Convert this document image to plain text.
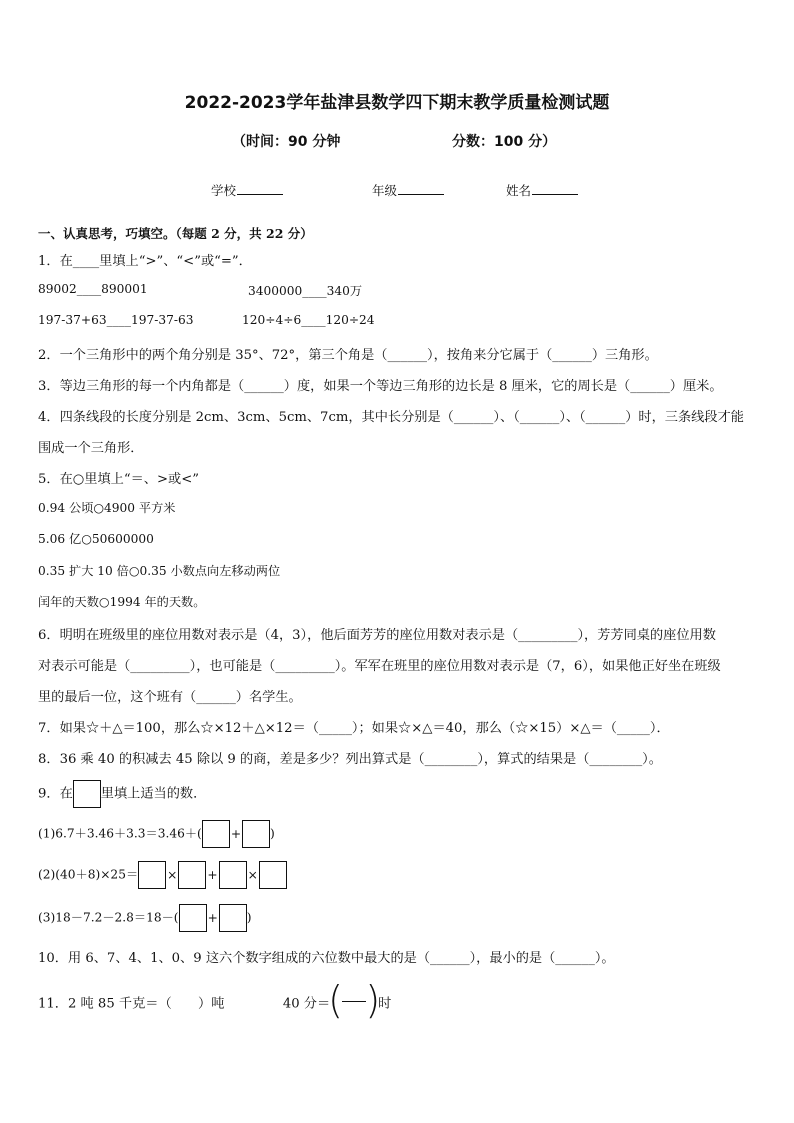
2022-2023学年盐津县数学四下期末教学质量检测试题
（时间：90 分钟	分数：100 分）
学校	年级	姓名
一、认真思考，巧填空。（每题 2 分，共 22 分）
1．在____里填上“>”、“<”或“=”．
89002____890001	3400000____340万
197-37+63____197-37-63	120÷4÷6____120÷24
2．一个三角形中的两个角分别是 35°、72°，第三个角是（______），按角来分它属于（______）三角形。
3．等边三角形的每一个内角都是（______）度，如果一个等边三角形的边长是 8 厘米，它的周长是（______）厘米。
4．四条线段的长度分别是 2cm、3cm、5cm、7cm，其中长分别是（______）、（______）、（______）时，三条线段才能
围成一个三角形．
5．在○里填上“＝、>或<”
0.94 公顷○4900 平方米
5.06 亿○50600000
0.35 扩大 10 倍○0.35 小数点向左移动两位
闰年的天数○1994 年的天数。
6．明明在班级里的座位用数对表示是（4，3），他后面芳芳的座位用数对表示是（_________），芳芳同桌的座位用数
对表示可能是（_________），也可能是（_________）。军军在班里的座位用数对表示是（7，6），如果他正好坐在班级
里的最后一位，这个班有（______）名学生。
7．如果☆＋△＝100，那么☆×12＋△×12＝（_____）；如果☆×△＝40，那么（☆×15）×△＝（_____）．
8．36 乘 40 的积减去 45 除以 9 的商，差是多少？列出算式是（________），算式的结果是（________）。
9．在 里填上适当的数．
(1)6.7＋3.46＋3.3＝3.46＋( + )
(2)(40＋8)×25＝ × + ×
(3)18－7.2－2.8＝18－( + )
10．用 6、7、4、1、0、9 这六个数字组成的六位数中最大的是（______），最小的是（______）。
11．2 吨 85 千克＝（　　）吨	40 分＝
( )
时
